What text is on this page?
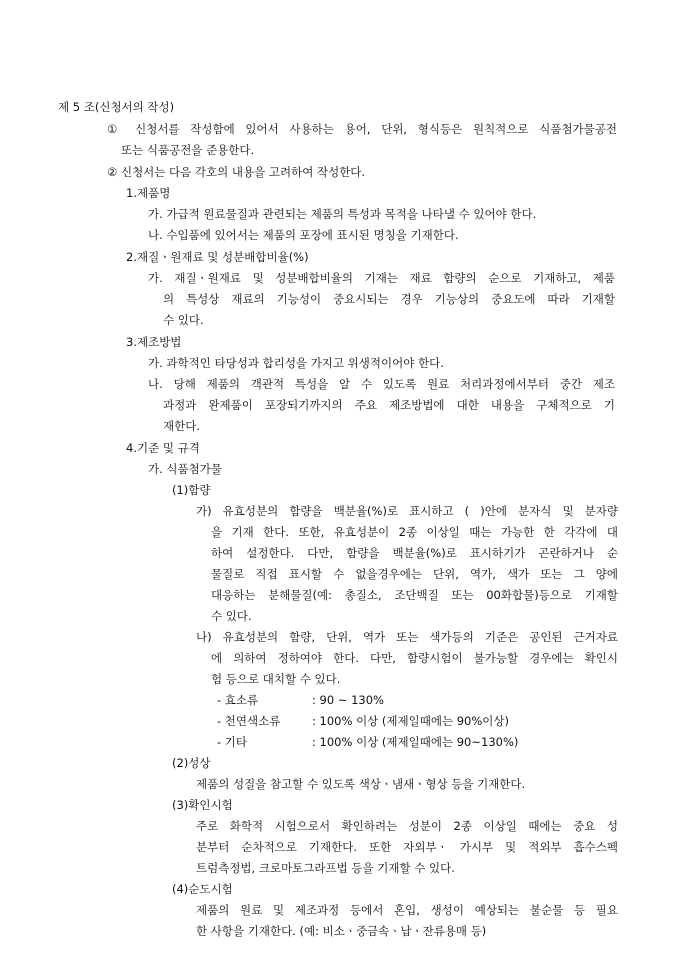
제 5 조(신청서의 작성)
① 신청서를 작성함에 있어서 사용하는 용어, 단위, 형식등은 원칙적으로 식품첨가물공전
또는 식품공전을 준용한다.
② 신청서는 다음 각호의 내용을 고려하여 작성한다.
1.제품명
가. 가급적 원료물질과 관련되는 제품의 특성과 목적을 나타낼 수 있어야 한다.
나. 수입품에 있어서는 제품의 포장에 표시된 명칭을 기재한다.
2.재질ㆍ원재료 및 성분배합비율(%)
가. 재질ㆍ원재료 및 성분배합비율의 기재는 재료 함량의 순으로 기재하고, 제품
의 특성상 재료의 기능성이 중요시되는 경우 기능상의 중요도에 따라 기재할
수 있다.
3.제조방법
가. 과학적인 타당성과 합리성을 가지고 위생적이어야 한다.
나. 당해 제품의 객관적 특성을 알 수 있도록 원료 처리과정에서부터 중간 제조
과정과 완제품이 포장되기까지의 주요 제조방법에 대한 내용을 구체적으로 기
재한다.
4.기준 및 규격
가. 식품첨가물
(1)함량
가) 유효성분의 함량을 백분율(%)로 표시하고 ( )안에 분자식 및 분자량
을 기재 한다. 또한, 유효성분이 2종 이상일 때는 가능한 한 각각에 대
하여 설정한다. 다만, 함량을 백분율(%)로 표시하기가 곤란하거나 순
물질로 직접 표시할 수 없을경우에는 단위, 역가, 색가 또는 그 양에
대응하는 분해물질(예: 총질소, 조단백질 또는 00화합물)등으로 기재할
수 있다.
나) 유효성분의 함량, 단위, 역가 또는 색가등의 기준은 공인된 근거자료
에 의하여 정하여야 한다. 다만, 함량시험이 불가능할 경우에는 확인시
험 등으로 대치할 수 있다.
- 효소류	: 90 ~ 130%
- 천연색소류	: 100% 이상 (제제일때에는 90%이상)
- 기타	: 100% 이상 (제제일때에는 90~130%)
(2)성상
제품의 성질을 참고할 수 있도록 색상ㆍ냄새ㆍ형상 등을 기재한다.
(3)확인시험
주로 화학적 시험으로서 확인하려는 성분이 2종 이상일 때에는 중요 성
분부터 순차적으로 기재한다. 또한 자외부ㆍ 가시부 및 적외부 흡수스펙
트럼측정법, 크로마토그라프법 등을 기재할 수 있다.
(4)순도시험
제품의 원료 및 제조과정 등에서 혼입, 생성이 예상되는 불순물 등 필요
한 사항을 기재한다. (예: 비소ㆍ중금속ㆍ납ㆍ잔류용매 등)
